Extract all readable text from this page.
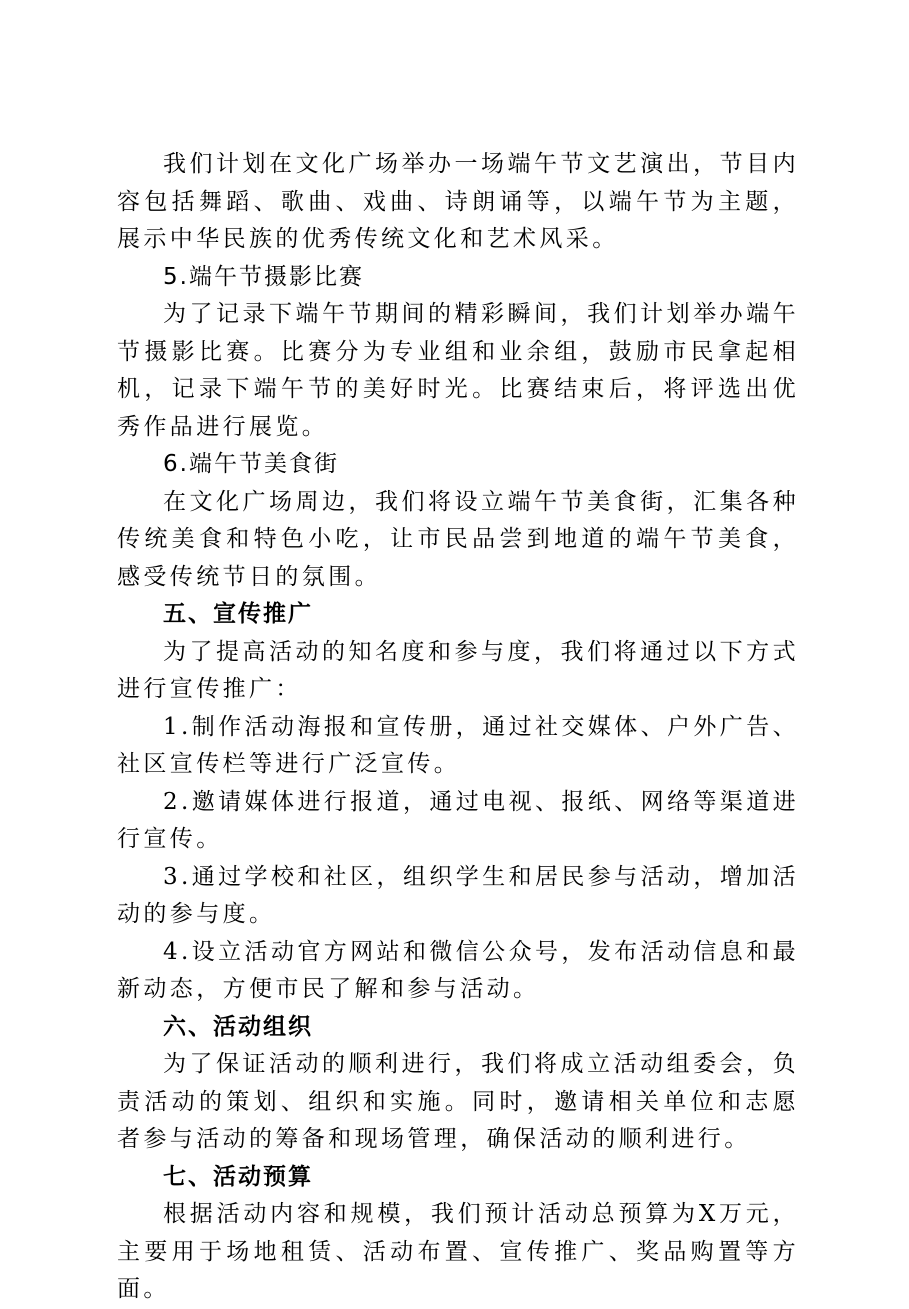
我们计划在文化广场举办一场端午节文艺演出，节目内容包括舞蹈、歌曲、戏曲、诗朗诵等，以端午节为主题，展示中华民族的优秀传统文化和艺术风采。

5.端午节摄影比赛

为了记录下端午节期间的精彩瞬间，我们计划举办端午节摄影比赛。比赛分为专业组和业余组，鼓励市民拿起相机，记录下端午节的美好时光。比赛结束后，将评选出优秀作品进行展览。

6.端午节美食街

在文化广场周边，我们将设立端午节美食街，汇集各种传统美食和特色小吃，让市民品尝到地道的端午节美食，感受传统节日的氛围。

五、宣传推广

为了提高活动的知名度和参与度，我们将通过以下方式进行宣传推广：

1.制作活动海报和宣传册，通过社交媒体、户外广告、社区宣传栏等进行广泛宣传。

2.邀请媒体进行报道，通过电视、报纸、网络等渠道进行宣传。

3.通过学校和社区，组织学生和居民参与活动，增加活动的参与度。

4.设立活动官方网站和微信公众号，发布活动信息和最新动态，方便市民了解和参与活动。

六、活动组织

为了保证活动的顺利进行，我们将成立活动组委会，负责活动的策划、组织和实施。同时，邀请相关单位和志愿者参与活动的筹备和现场管理，确保活动的顺利进行。

七、活动预算

根据活动内容和规模，我们预计活动总预算为X万元，主要用于场地租赁、活动布置、宣传推广、奖品购置等方面。
